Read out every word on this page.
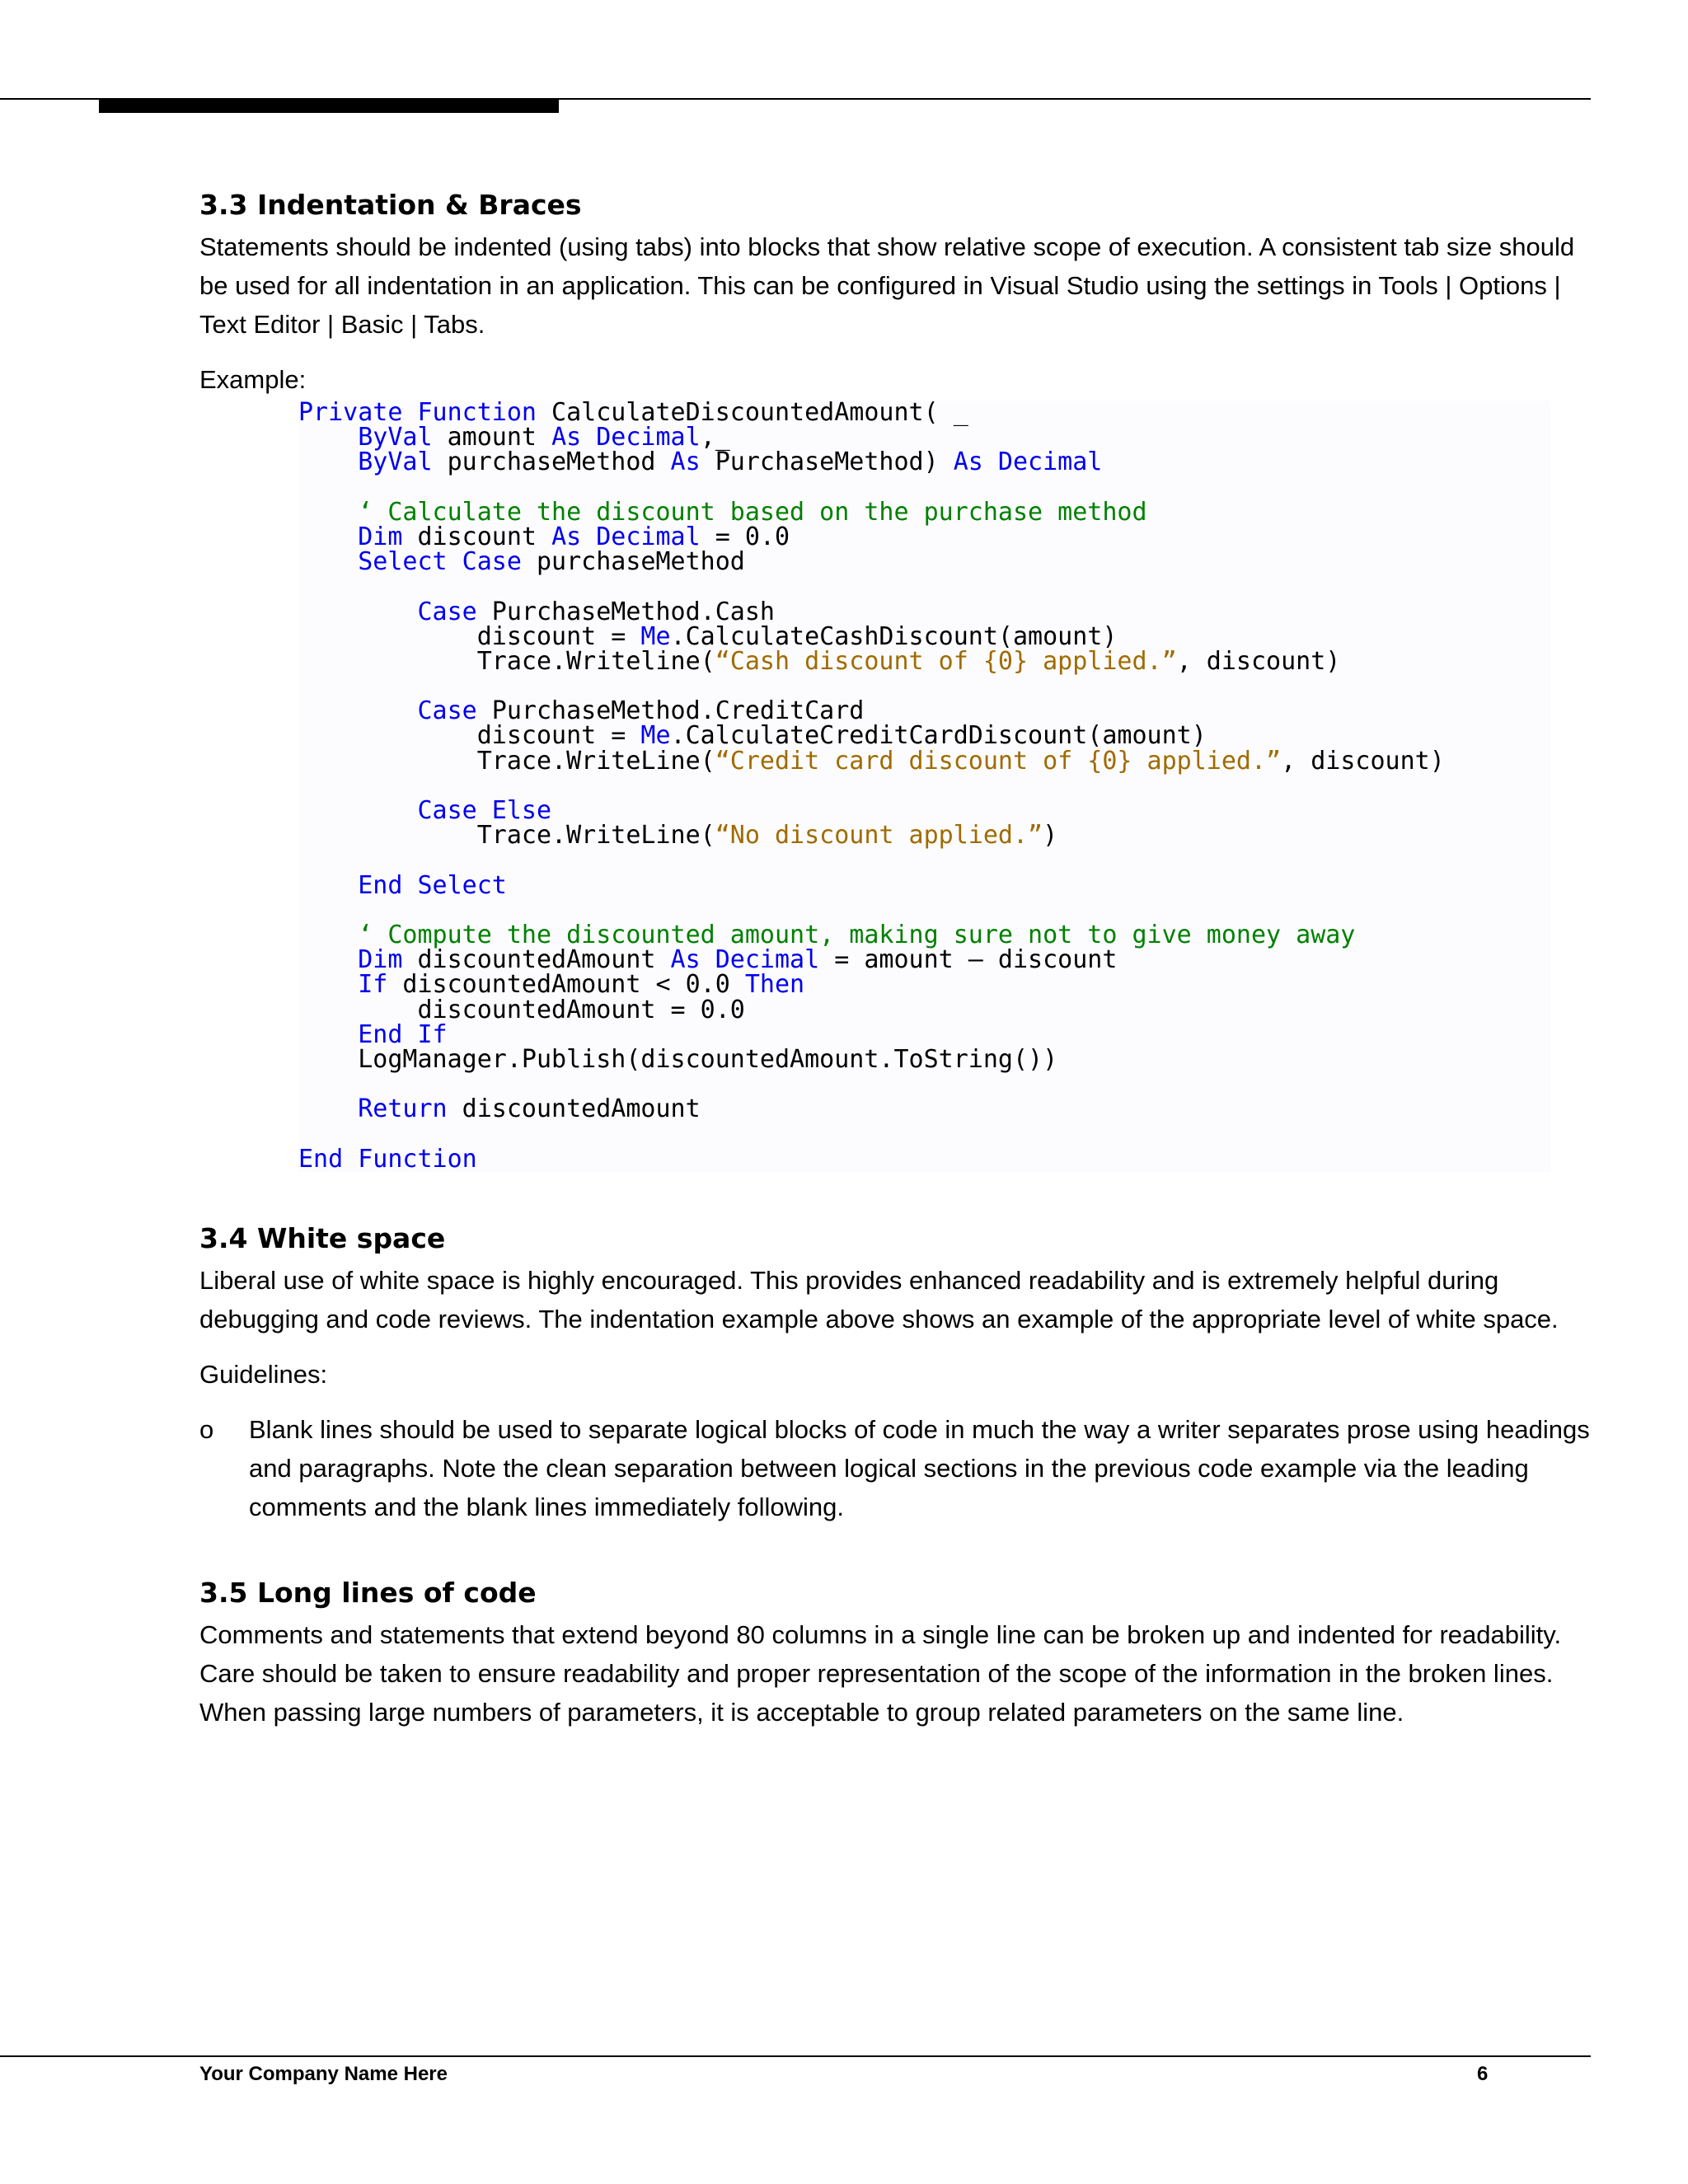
3.3 Indentation & Braces

Statements should be indented (using tabs) into blocks that show relative scope of execution. A consistent tab size should be used for all indentation in an application. This can be configured in Visual Studio using the settings in Tools | Options | Text Editor | Basic | Tabs.

Example:

Private Function CalculateDiscountedAmount( _
ByVal amount As Decimal,_
ByVal purchaseMethod As PurchaseMethod) As Decimal

‘ Calculate the discount based on the purchase method
Dim discount As Decimal = 0.0
Select Case purchaseMethod

Case PurchaseMethod.Cash
discount = Me.CalculateCashDiscount(amount)
Trace.Writeline(“Cash discount of {0} applied.”, discount)

Case PurchaseMethod.CreditCard
discount = Me.CalculateCreditCardDiscount(amount)
Trace.WriteLine(“Credit card discount of {0} applied.”, discount)

Case Else
Trace.WriteLine(“No discount applied.”)

End Select

‘ Compute the discounted amount, making sure not to give money away
Dim discountedAmount As Decimal = amount – discount
If discountedAmount < 0.0 Then
discountedAmount = 0.0
End If
LogManager.Publish(discountedAmount.ToString())

Return discountedAmount

End Function
3.4 White space

Liberal use of white space is highly encouraged. This provides enhanced readability and is extremely helpful during debugging and code reviews. The indentation example above shows an example of the appropriate level of white space.

Guidelines:

o	Blank lines should be used to separate logical blocks of code in much the way a writer separates prose using headings and paragraphs. Note the clean separation between logical sections in the previous code example via the leading comments and the blank lines immediately following.
3.5 Long lines of code

Comments and statements that extend beyond 80 columns in a single line can be broken up and indented for readability. Care should be taken to ensure readability and proper representation of the scope of the information in the broken lines. When passing large numbers of parameters, it is acceptable to group related parameters on the same line.

Your Company Name Here	6
